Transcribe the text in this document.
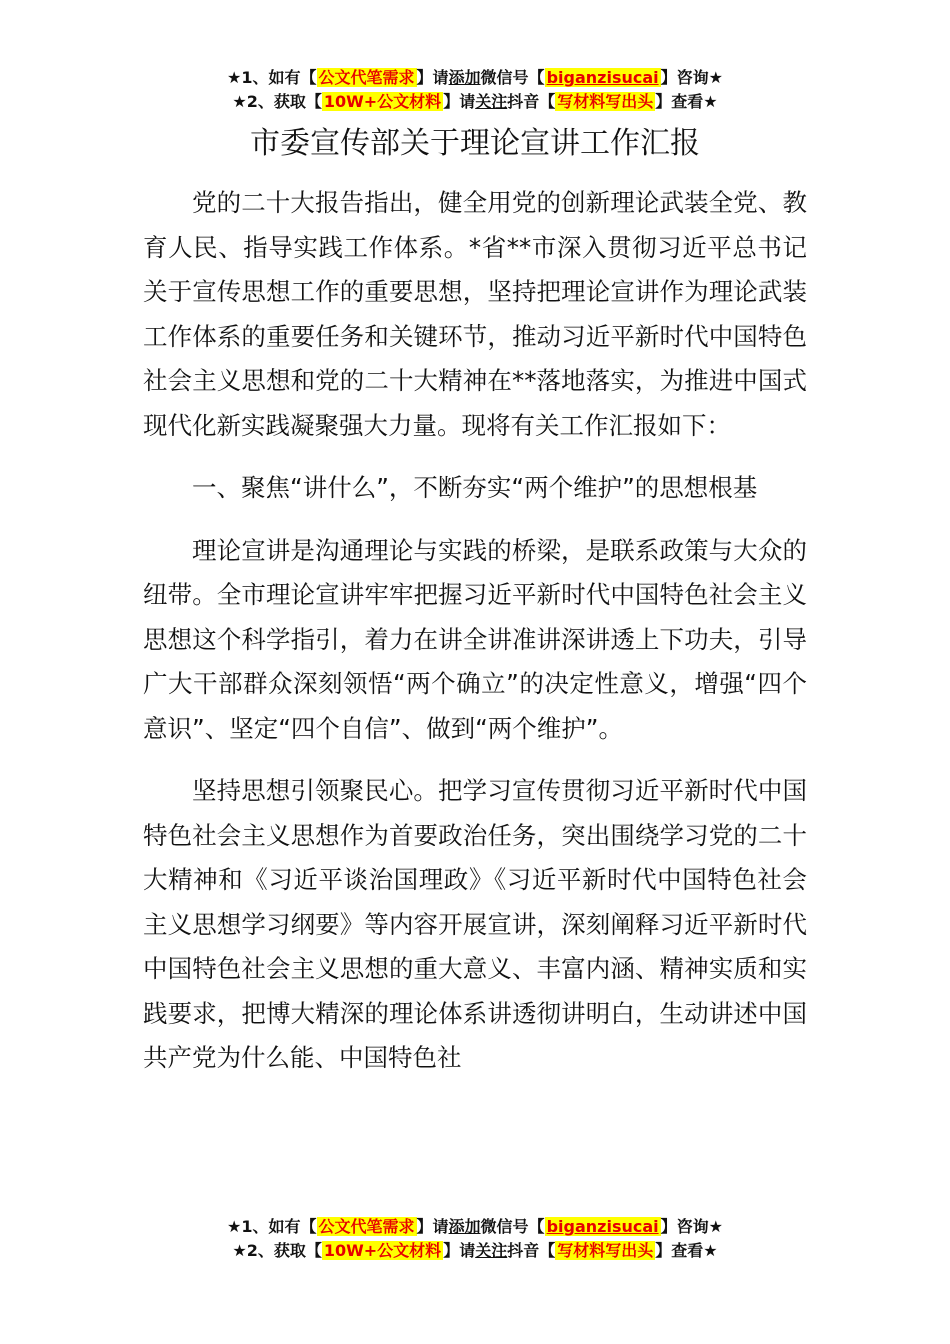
★1、如有【 公文代笔需求 】请添加微信号【 biganzisucai 】咨询★
★2、获取【 10W+公文材料 】请关注抖音【 写材料写出头 】查看★
市委宣传部关于理论宣讲工作汇报

党的二十大报告指出，健全用党的创新理论武装全党、教育人民、指导实践工作体系。*省**市深入贯彻习近平总书记关于宣传思想工作的重要思想，坚持把理论宣讲作为理论武装工作体系的重要任务和关键环节，推动习近平新时代中国特色社会主义思想和党的二十大精神在**落地落实，为推进中国式现代化新实践凝聚强大力量。现将有关工作汇报如下：

一、聚焦“讲什么”，不断夯实“两个维护”的思想根基

理论宣讲是沟通理论与实践的桥梁，是联系政策与大众的纽带。全市理论宣讲牢牢把握习近平新时代中国特色社会主义思想这个科学指引，着力在讲全讲准讲深讲透上下功夫，引导广大干部群众深刻领悟“两个确立”的决定性意义，增强“四个意识”、坚定“四个自信”、做到“两个维护”。

坚持思想引领聚民心。把学习宣传贯彻习近平新时代中国特色社会主义思想作为首要政治任务，突出围绕学习党的二十大精神和《习近平谈治国理政》《习近平新时代中国特色社会主义思想学习纲要》等内容开展宣讲，深刻阐释习近平新时代中国特色社会主义思想的重大意义、丰富内涵、精神实质和实践要求，把博大精深的理论体系讲透彻讲明白，生动讲述中国共产党为什么能、中国特色社

★1、如有【 公文代笔需求 】请添加微信号【 biganzisucai 】咨询★
★2、获取【 10W+公文材料 】请关注抖音【 写材料写出头 】查看★
